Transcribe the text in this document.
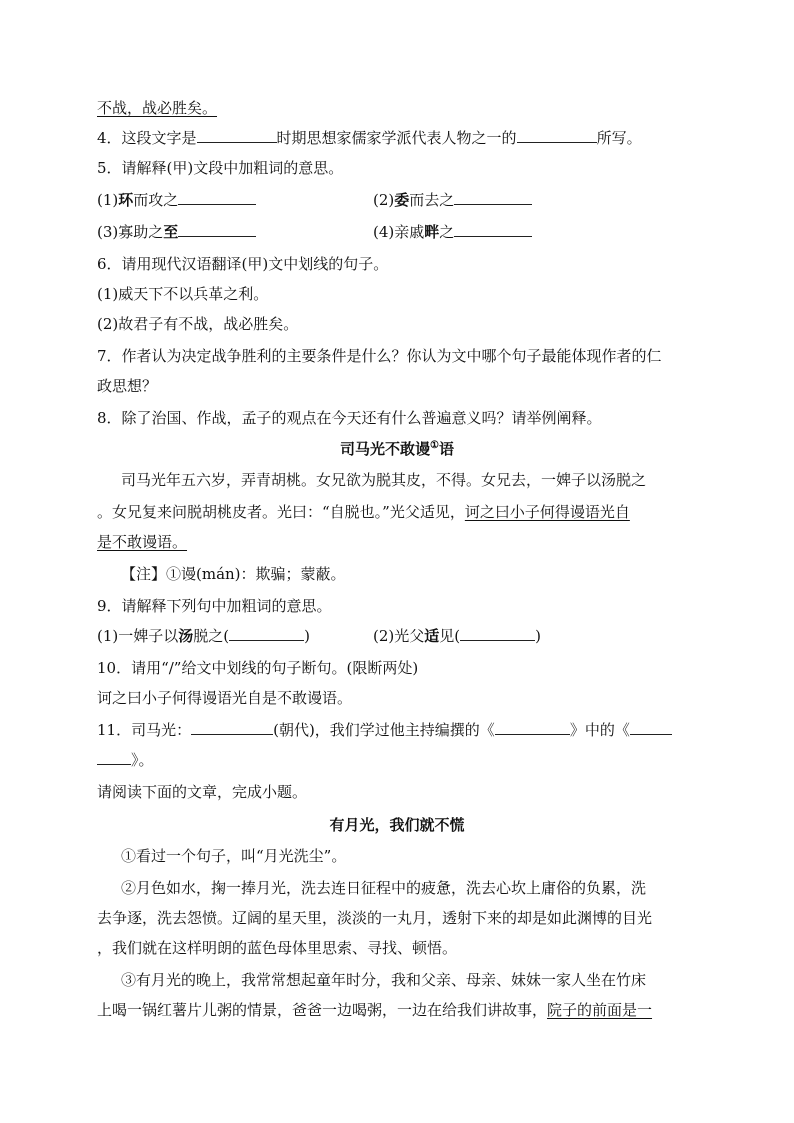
不战，战必胜矣。
4．这段文字是	时期思想家儒家学派代表人物之一的	所写。
5．请解释(甲)文段中加粗词的意思。
(1)环而攻之	(2)委而去之
(3)寡助之至	(4)亲戚畔之
6．请用现代汉语翻译(甲)文中划线的句子。
(1)威天下不以兵革之利。
(2)故君子有不战，战必胜矣。
7．作者认为决定战争胜利的主要条件是什么？你认为文中哪个句子最能体现作者的仁
政思想？
8．除了治国、作战，孟子的观点在今天还有什么普遍意义吗？请举例阐释。
司马光不敢谩①语
司马光年五六岁，弄青胡桃。女兄欲为脱其皮，不得。女兄去，一婢子以汤脱之
。女兄复来问脱胡桃皮者。光曰：“自脱也。”光父适见，诃之曰小子何得谩语光自
是不敢谩语。
【注】①谩(mán)：欺骗；蒙蔽。
9．请解释下列句中加粗词的意思。
(1)一婢子以汤脱之(	)	(2)光父适见(	)
10．请用“/”给文中划线的句子断句。(限断两处)
诃之曰小子何得谩语光自是不敢谩语。
11．司马光：	(朝代)，我们学过他主持编撰的《	》中的《
》。
请阅读下面的文章，完成小题。
有月光，我们就不慌
①看过一个句子，叫“月光洗尘”。
②月色如水，掬一捧月光，洗去连日征程中的疲惫，洗去心坎上庸俗的负累，洗
去争逐，洗去怨愤。辽阔的星天里，淡淡的一丸月，透射下来的却是如此渊博的目光
，我们就在这样明朗的蓝色母体里思索、寻找、顿悟。
③有月光的晚上，我常常想起童年时分，我和父亲、母亲、妹妹一家人坐在竹床
上喝一锅红薯片儿粥的情景，爸爸一边喝粥，一边在给我们讲故事，院子的前面是一
